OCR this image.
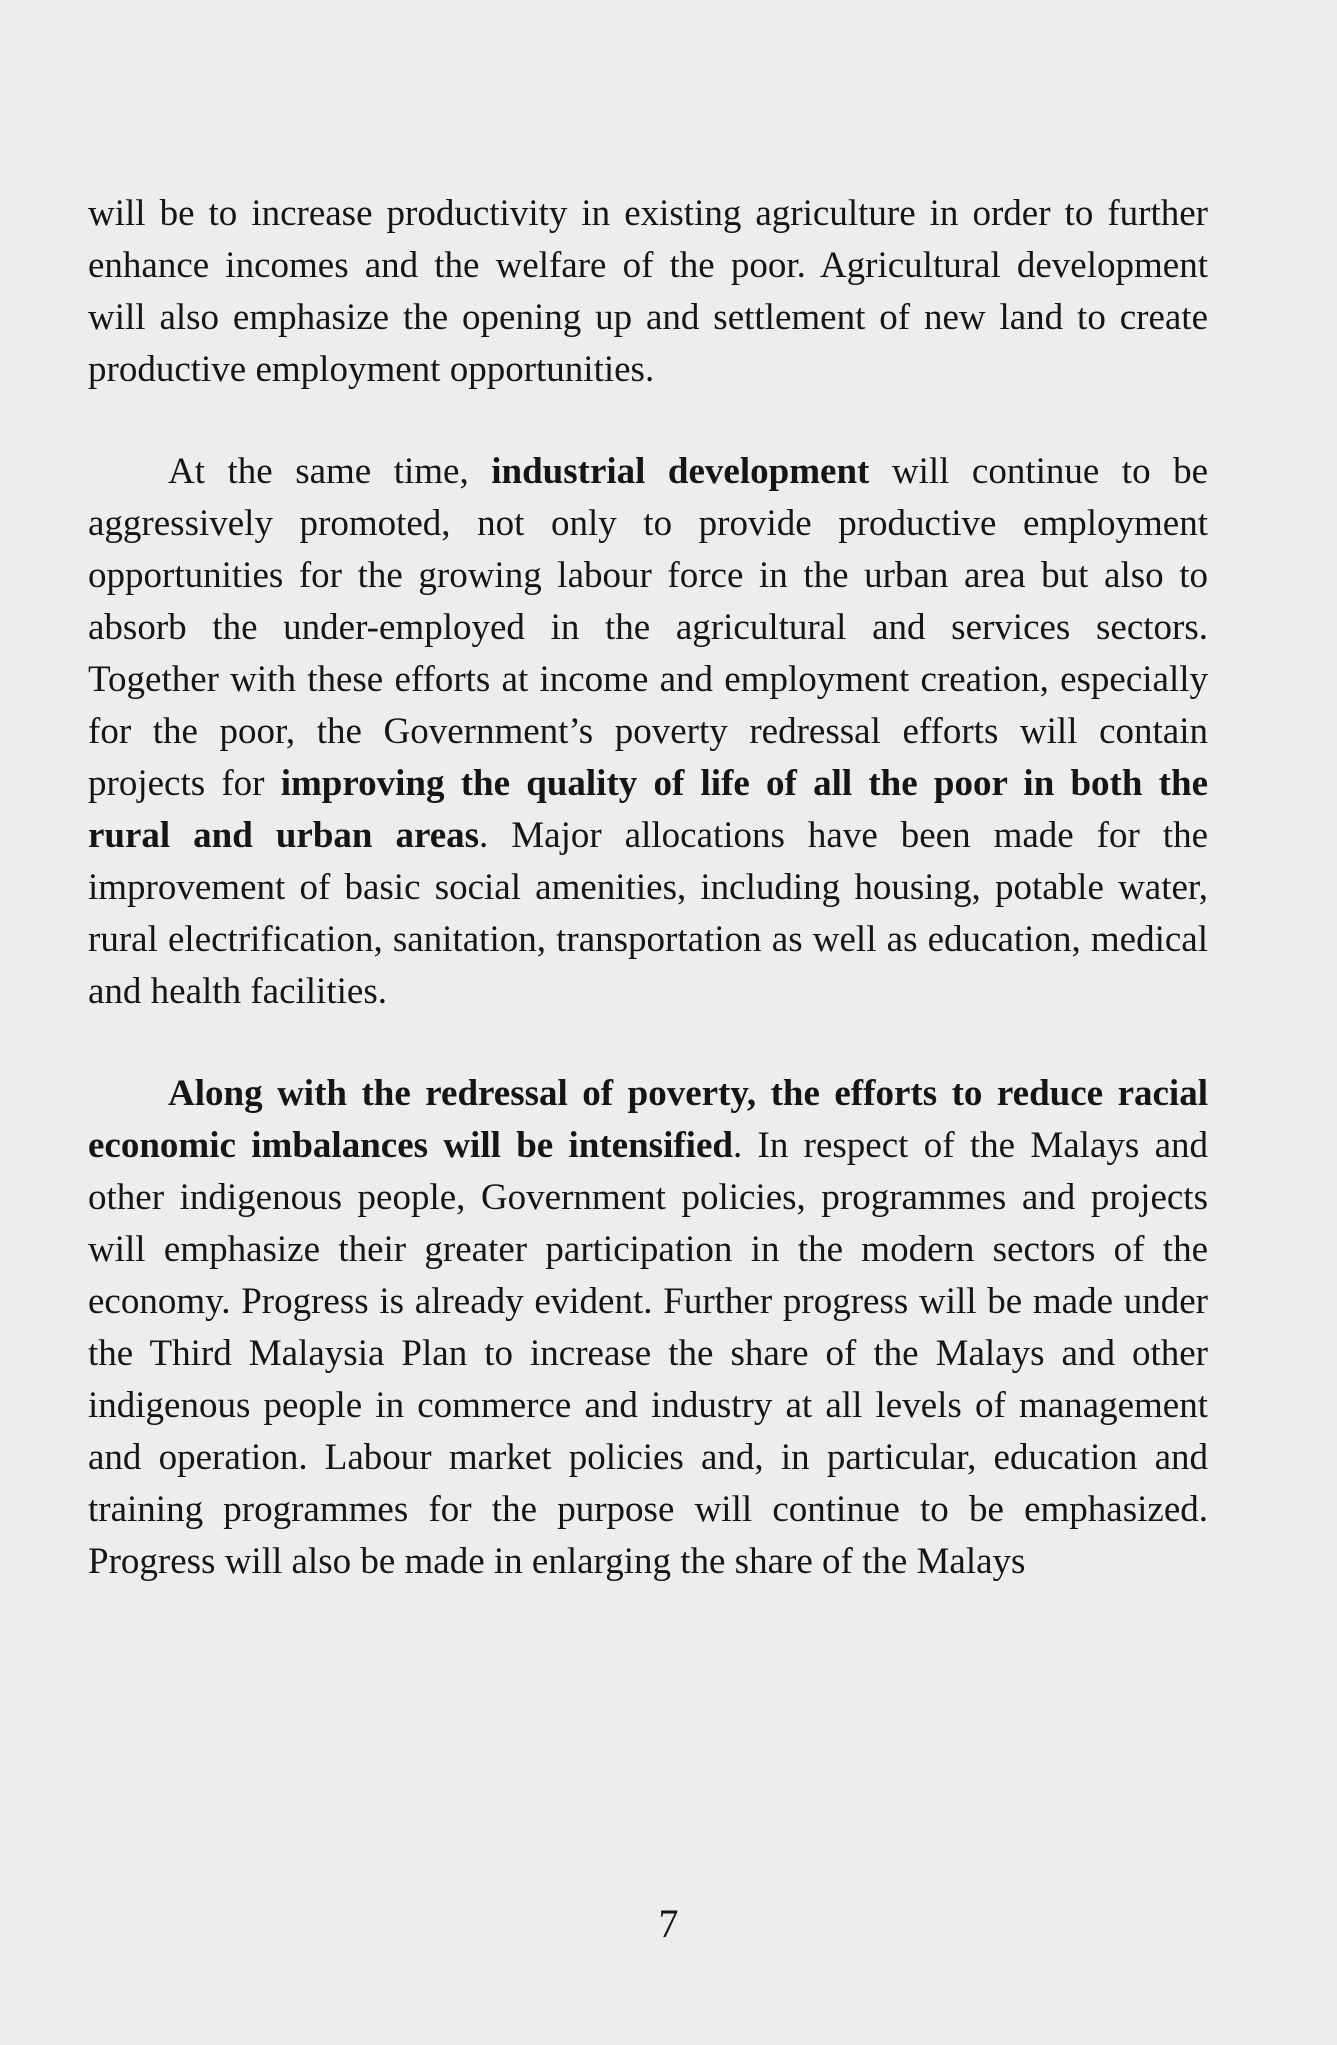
will be to increase productivity in existing agriculture in order to further enhance incomes and the welfare of the poor. Agricultural development will also emphasize the opening up and settlement of new land to create productive employment opportunities.

At the same time, industrial development will continue to be aggressively promoted, not only to provide productive employment opportunities for the growing labour force in the urban area but also to absorb the under-employed in the agricultural and services sectors. Together with these efforts at income and employment creation, especially for the poor, the Government’s poverty redressal efforts will contain projects for improving the quality of life of all the poor in both the rural and urban areas. Major allocations have been made for the improvement of basic social amenities, including housing, potable water, rural electrification, sanitation, transportation as well as education, medical and health facilities.

Along with the redressal of poverty, the efforts to reduce racial economic imbalances will be intensified. In respect of the Malays and other indigenous people, Government policies, programmes and projects will emphasize their greater participation in the modern sectors of the economy. Progress is already evident. Further progress will be made under the Third Malaysia Plan to increase the share of the Malays and other indigenous people in commerce and industry at all levels of management and operation. Labour market policies and, in particular, education and training programmes for the purpose will continue to be emphasized. Progress will also be made in enlarging the share of the Malays

7
